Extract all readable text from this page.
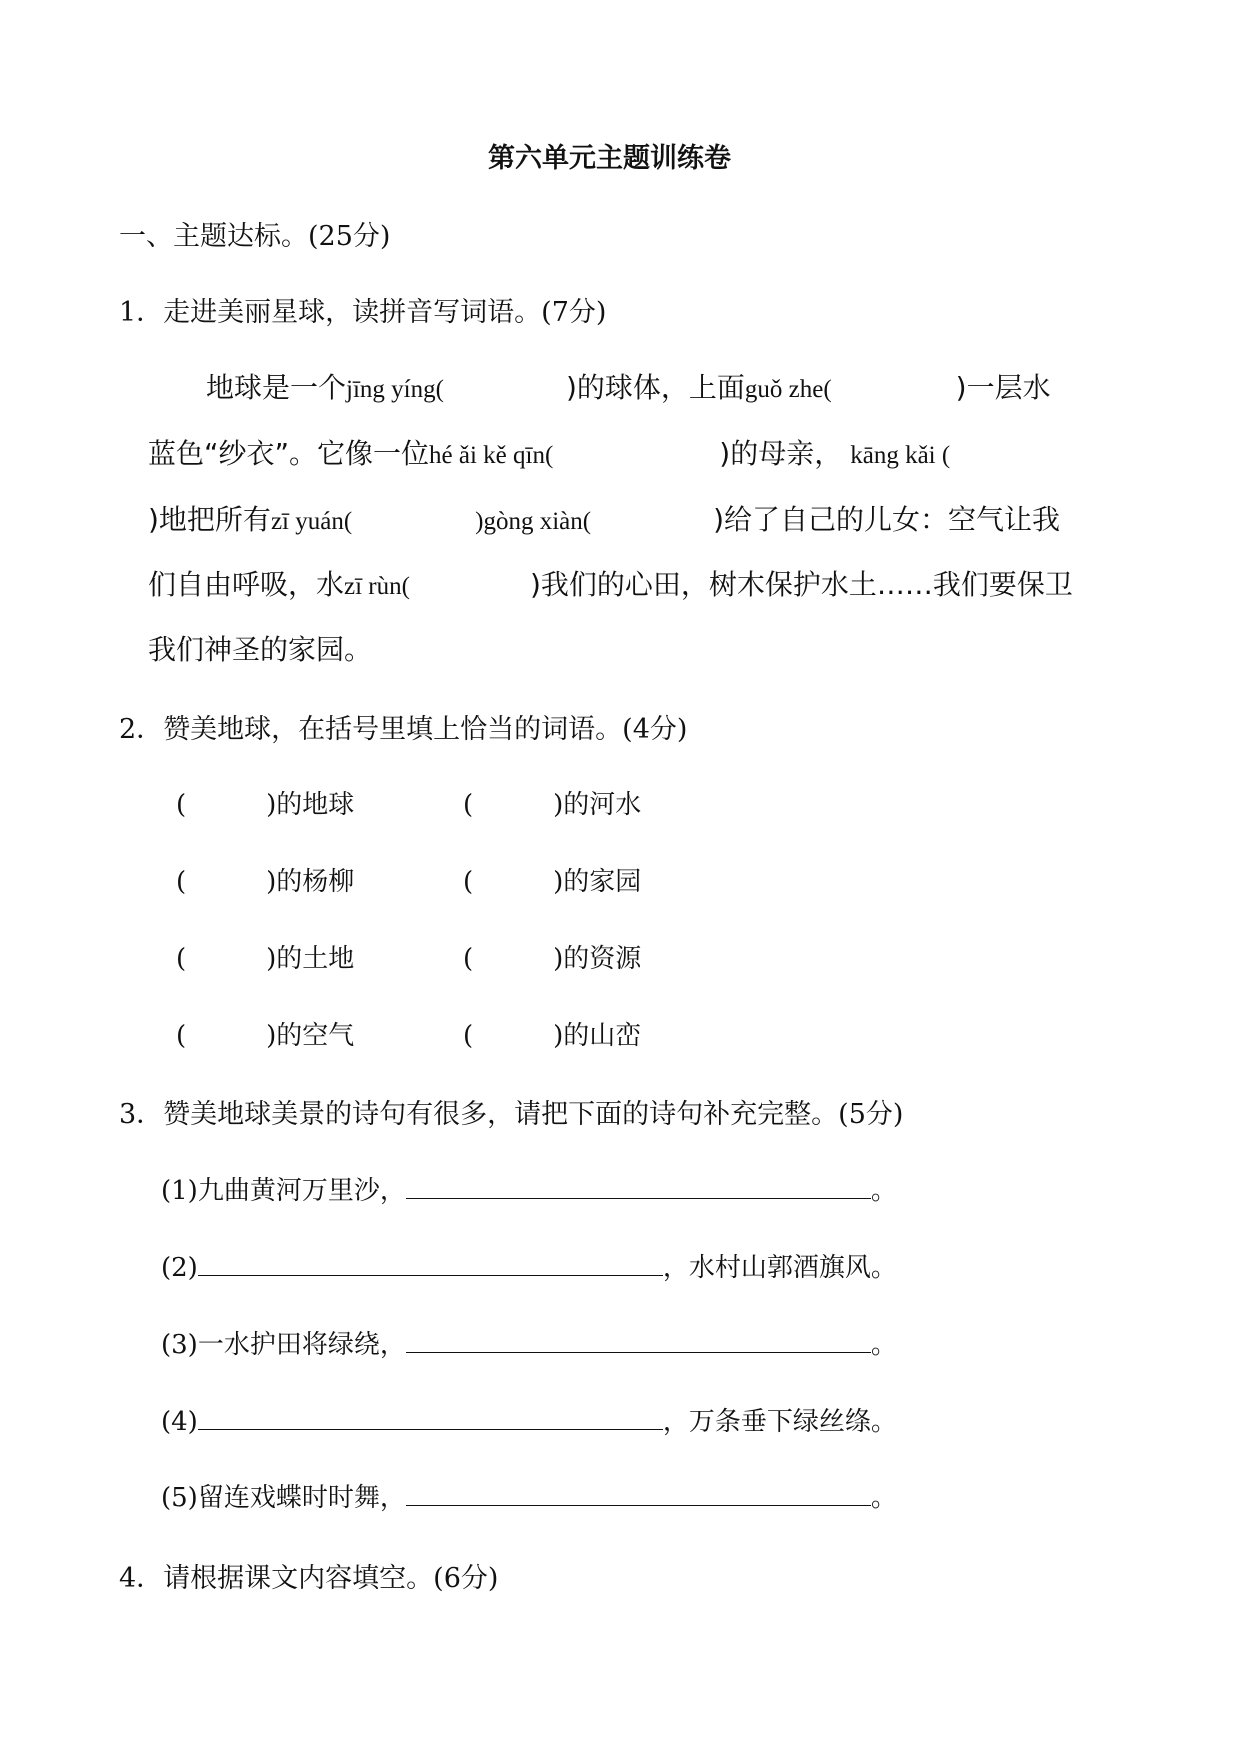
第六单元主题训练卷
一、主题达标。(25分)
1．走进美丽星球，读拼音写词语。(7分)
地球是一个jīng yíng(	)的球体，上面guǒ zhe(	)一层水
蓝色“纱衣”。它像一位hé ǎi kě qīn(	)的母亲， kāng kǎi (
)地把所有zī yuán(	)gòng xiàn(	)给了自己的儿女：空气让我
们自由呼吸，水zī rùn(	)我们的心田，树木保护水土……我们要保卫
我们神圣的家园。
2．赞美地球，在括号里填上恰当的词语。(4分)
(	)的地球	(	)的河水
(	)的杨柳	(	)的家园
(	)的土地	(	)的资源
(	)的空气	(	)的山峦
3．赞美地球美景的诗句有很多，请把下面的诗句补充完整。(5分)
(1)九曲黄河万里沙，	。
(2)	，水村山郭酒旗风。
(3)一水护田将绿绕，	。
(4)	，万条垂下绿丝绦。
(5)留连戏蝶时时舞，	。
4．请根据课文内容填空。(6分)
